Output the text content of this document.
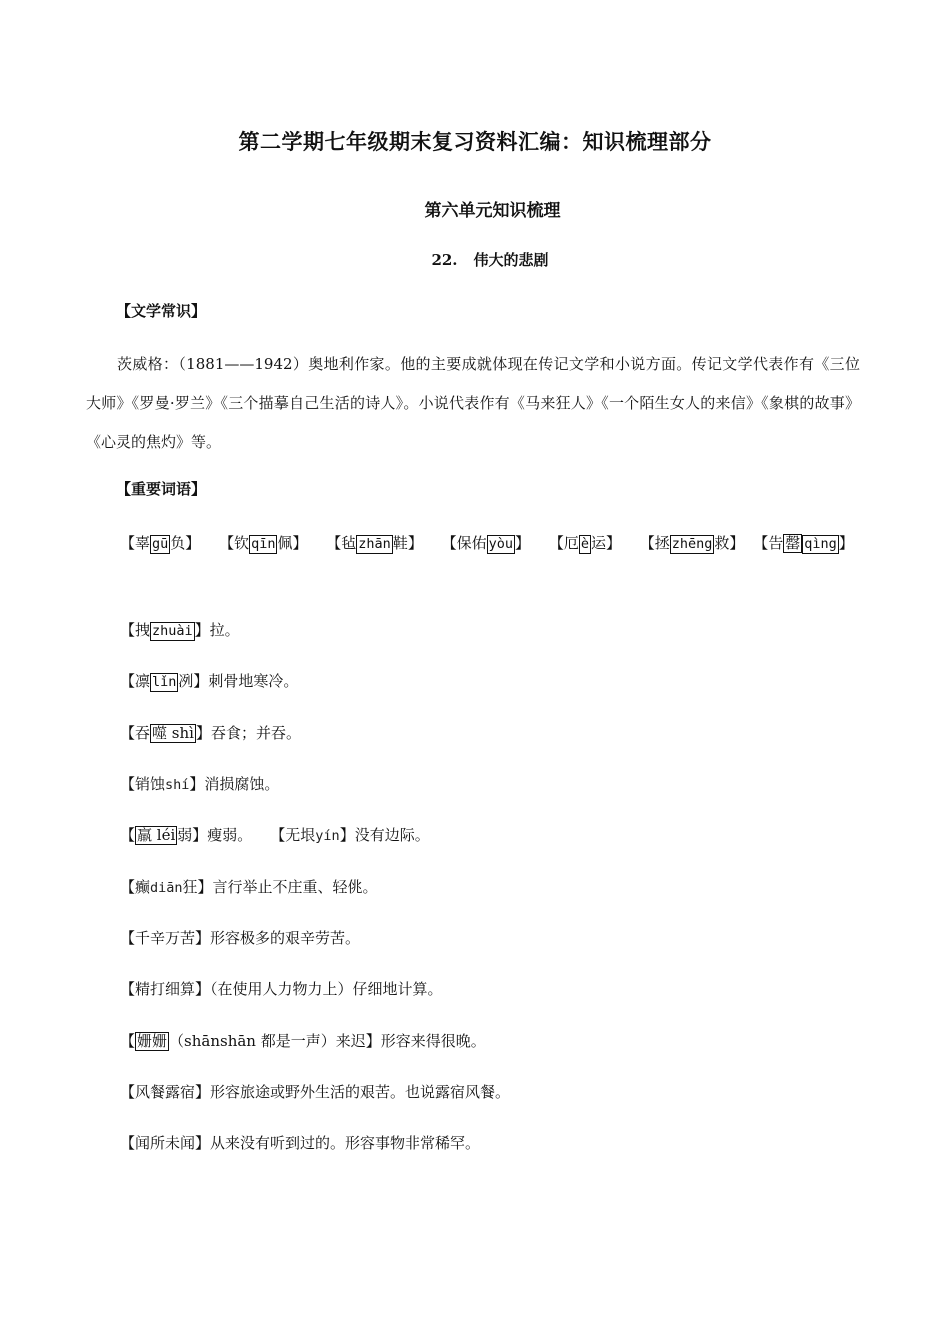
第二学期七年级期末复习资料汇编：知识梳理部分
第六单元知识梳理
22. 伟大的悲剧
【文学常识】
茨威格：（1881——1942）奥地利作家。他的主要成就体现在传记文学和小说方面。传记文学代表作有《三位大师》《罗曼·罗兰》《三个描摹自己生活的诗人》。小说代表作有《马来狂人》《一个陌生女人的来信》《象棋的故事》《心灵的焦灼》等。
【重要词语】
【辜 gū 负】 【钦 qīn 佩】 【毡 zhān 鞋】 【保佑 yòu 】 【厄 è 运】 【拯 zhēng 救】 【告 罄 qìng 】
【拽 zhuài 】拉。
【凛 lǐn 冽】刺骨地寒冷。
【吞 噬 shì 】吞食；并吞。
【销蚀shí】消损腐蚀。
【 羸 léi 弱】瘦弱。 【无垠yín】没有边际。
【癫diān狂】言行举止不庄重、轻佻。
【千辛万苦】形容极多的艰辛劳苦。
【精打细算】（在使用人力物力上）仔细地计算。
【 姗姗 （shānshān 都是一声）来迟】形容来得很晚。
【风餐露宿】形容旅途或野外生活的艰苦。也说露宿风餐。
【闻所未闻】从来没有听到过的。形容事物非常稀罕。
